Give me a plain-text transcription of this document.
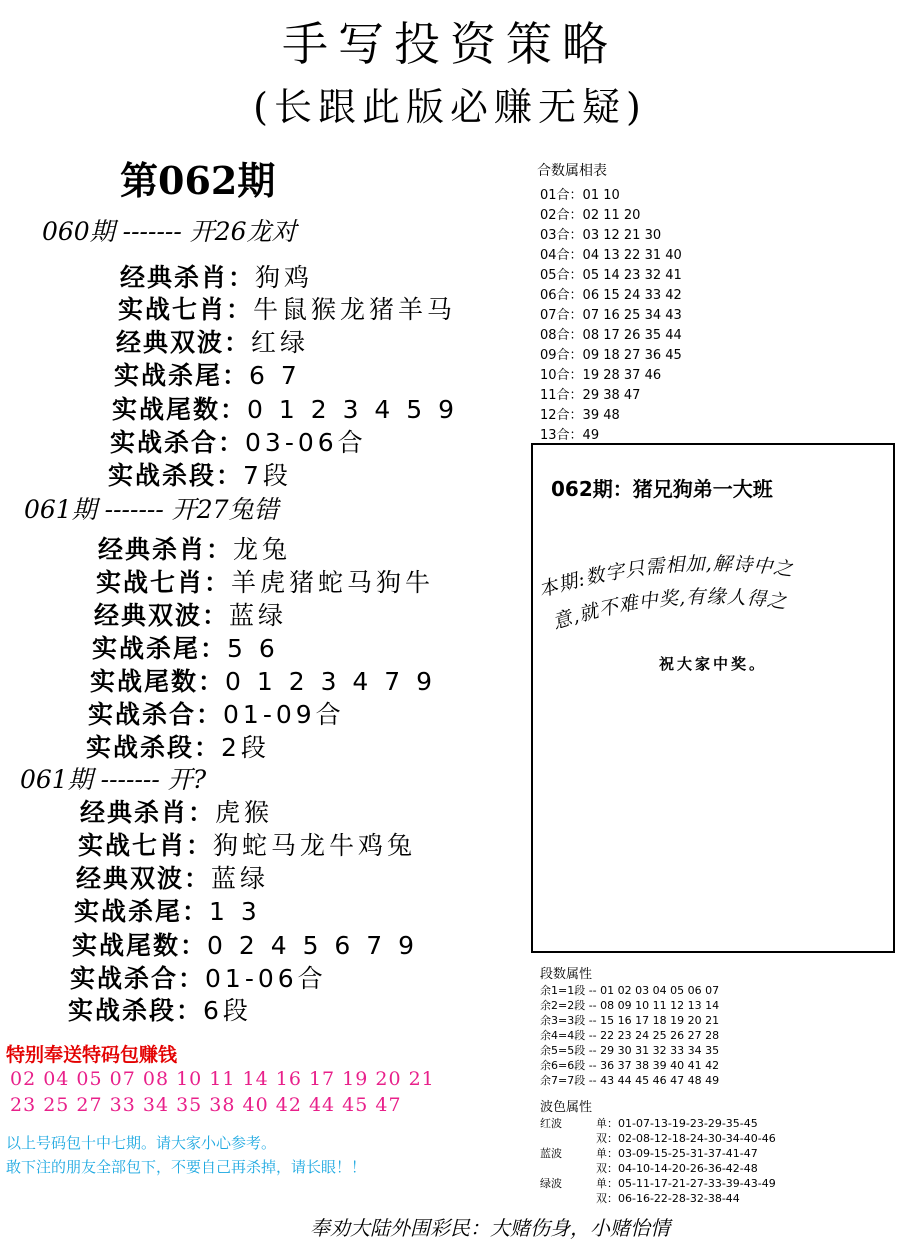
手写投资策略
(长跟此版必赚无疑)
第062期
060期 ------- 开26龙对
经典杀肖：狗鸡
实战七肖：牛鼠猴龙猪羊马
经典双波：红绿
实战杀尾：6 7
实战尾数：0 1 2 3 4 5 9
实战杀合：03-06合
实战杀段：7段
061期 ------- 开27兔错
经典杀肖：龙兔
实战七肖：羊虎猪蛇马狗牛
经典双波：蓝绿
实战杀尾：5 6
实战尾数：0 1 2 3 4 7 9
实战杀合：01-09合
实战杀段：2段
061期 ------- 开?
经典杀肖：虎猴
实战七肖：狗蛇马龙牛鸡兔
经典双波：蓝绿
实战杀尾：1 3
实战尾数：0 2 4 5 6 7 9
实战杀合：01-06合
实战杀段：6段
合数属相表
01合：01 10
02合：02 11 20
03合：03 12 21 30
04合：04 13 22 31 40
05合：05 14 23 32 41
06合：06 15 24 33 42
07合：07 16 25 34 43
08合：08 17 26 35 44
09合：09 18 27 36 45
10合：19 28 37 46
11合：29 38 47
12合：39 48
13合：49
062期：猪兄狗弟一大班
本期:数字只需相加,解诗中之
意,就不难中奖,有缘人得之
祝大家中奖。
段数属性
余1=1段 -- 01 02 03 04 05 06 07
余2=2段 -- 08 09 10 11 12 13 14
余3=3段 -- 15 16 17 18 19 20 21
余4=4段 -- 22 23 24 25 26 27 28
余5=5段 -- 29 30 31 32 33 34 35
余6=6段 -- 36 37 38 39 40 41 42
余7=7段 -- 43 44 45 46 47 48 49
波色属性
红波	单：01-07-13-19-23-29-35-45
双：02-08-12-18-24-30-34-40-46
蓝波	单：03-09-15-25-31-37-41-47
双：04-10-14-20-26-36-42-48
绿波	单：05-11-17-21-27-33-39-43-49
双：06-16-22-28-32-38-44
特别奉送特码包赚钱
02 04 05 07 08 10 11 14 16 17 19 20 21
23 25 27 33 34 35 38 40 42 44 45 47
以上号码包十中七期。请大家小心参考。
敢下注的朋友全部包下，不要自己再杀掉，请长眼！！
奉劝大陆外围彩民：大赌伤身，小赌怡情
